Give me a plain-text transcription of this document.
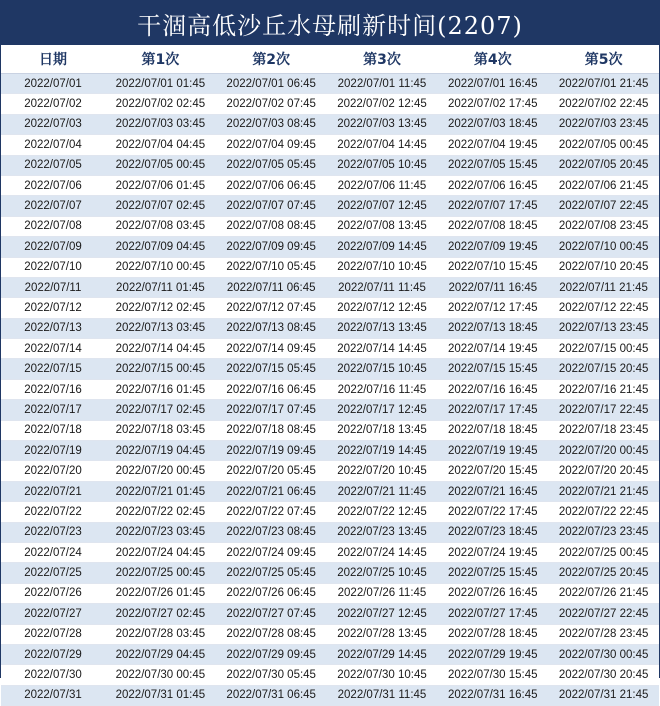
干涸高低沙丘水母刷新时间(2207)
日期	第1次	第2次	第3次	第4次	第5次
2022/07/01	2022/07/01 01:45	2022/07/01 06:45	2022/07/01 11:45	2022/07/01 16:45	2022/07/01 21:45
2022/07/02	2022/07/02 02:45	2022/07/02 07:45	2022/07/02 12:45	2022/07/02 17:45	2022/07/02 22:45
2022/07/03	2022/07/03 03:45	2022/07/03 08:45	2022/07/03 13:45	2022/07/03 18:45	2022/07/03 23:45
2022/07/04	2022/07/04 04:45	2022/07/04 09:45	2022/07/04 14:45	2022/07/04 19:45	2022/07/05 00:45
2022/07/05	2022/07/05 00:45	2022/07/05 05:45	2022/07/05 10:45	2022/07/05 15:45	2022/07/05 20:45
2022/07/06	2022/07/06 01:45	2022/07/06 06:45	2022/07/06 11:45	2022/07/06 16:45	2022/07/06 21:45
2022/07/07	2022/07/07 02:45	2022/07/07 07:45	2022/07/07 12:45	2022/07/07 17:45	2022/07/07 22:45
2022/07/08	2022/07/08 03:45	2022/07/08 08:45	2022/07/08 13:45	2022/07/08 18:45	2022/07/08 23:45
2022/07/09	2022/07/09 04:45	2022/07/09 09:45	2022/07/09 14:45	2022/07/09 19:45	2022/07/10 00:45
2022/07/10	2022/07/10 00:45	2022/07/10 05:45	2022/07/10 10:45	2022/07/10 15:45	2022/07/10 20:45
2022/07/11	2022/07/11 01:45	2022/07/11 06:45	2022/07/11 11:45	2022/07/11 16:45	2022/07/11 21:45
2022/07/12	2022/07/12 02:45	2022/07/12 07:45	2022/07/12 12:45	2022/07/12 17:45	2022/07/12 22:45
2022/07/13	2022/07/13 03:45	2022/07/13 08:45	2022/07/13 13:45	2022/07/13 18:45	2022/07/13 23:45
2022/07/14	2022/07/14 04:45	2022/07/14 09:45	2022/07/14 14:45	2022/07/14 19:45	2022/07/15 00:45
2022/07/15	2022/07/15 00:45	2022/07/15 05:45	2022/07/15 10:45	2022/07/15 15:45	2022/07/15 20:45
2022/07/16	2022/07/16 01:45	2022/07/16 06:45	2022/07/16 11:45	2022/07/16 16:45	2022/07/16 21:45
2022/07/17	2022/07/17 02:45	2022/07/17 07:45	2022/07/17 12:45	2022/07/17 17:45	2022/07/17 22:45
2022/07/18	2022/07/18 03:45	2022/07/18 08:45	2022/07/18 13:45	2022/07/18 18:45	2022/07/18 23:45
2022/07/19	2022/07/19 04:45	2022/07/19 09:45	2022/07/19 14:45	2022/07/19 19:45	2022/07/20 00:45
2022/07/20	2022/07/20 00:45	2022/07/20 05:45	2022/07/20 10:45	2022/07/20 15:45	2022/07/20 20:45
2022/07/21	2022/07/21 01:45	2022/07/21 06:45	2022/07/21 11:45	2022/07/21 16:45	2022/07/21 21:45
2022/07/22	2022/07/22 02:45	2022/07/22 07:45	2022/07/22 12:45	2022/07/22 17:45	2022/07/22 22:45
2022/07/23	2022/07/23 03:45	2022/07/23 08:45	2022/07/23 13:45	2022/07/23 18:45	2022/07/23 23:45
2022/07/24	2022/07/24 04:45	2022/07/24 09:45	2022/07/24 14:45	2022/07/24 19:45	2022/07/25 00:45
2022/07/25	2022/07/25 00:45	2022/07/25 05:45	2022/07/25 10:45	2022/07/25 15:45	2022/07/25 20:45
2022/07/26	2022/07/26 01:45	2022/07/26 06:45	2022/07/26 11:45	2022/07/26 16:45	2022/07/26 21:45
2022/07/27	2022/07/27 02:45	2022/07/27 07:45	2022/07/27 12:45	2022/07/27 17:45	2022/07/27 22:45
2022/07/28	2022/07/28 03:45	2022/07/28 08:45	2022/07/28 13:45	2022/07/28 18:45	2022/07/28 23:45
2022/07/29	2022/07/29 04:45	2022/07/29 09:45	2022/07/29 14:45	2022/07/29 19:45	2022/07/30 00:45
2022/07/30	2022/07/30 00:45	2022/07/30 05:45	2022/07/30 10:45	2022/07/30 15:45	2022/07/30 20:45
2022/07/31	2022/07/31 01:45	2022/07/31 06:45	2022/07/31 11:45	2022/07/31 16:45	2022/07/31 21:45
